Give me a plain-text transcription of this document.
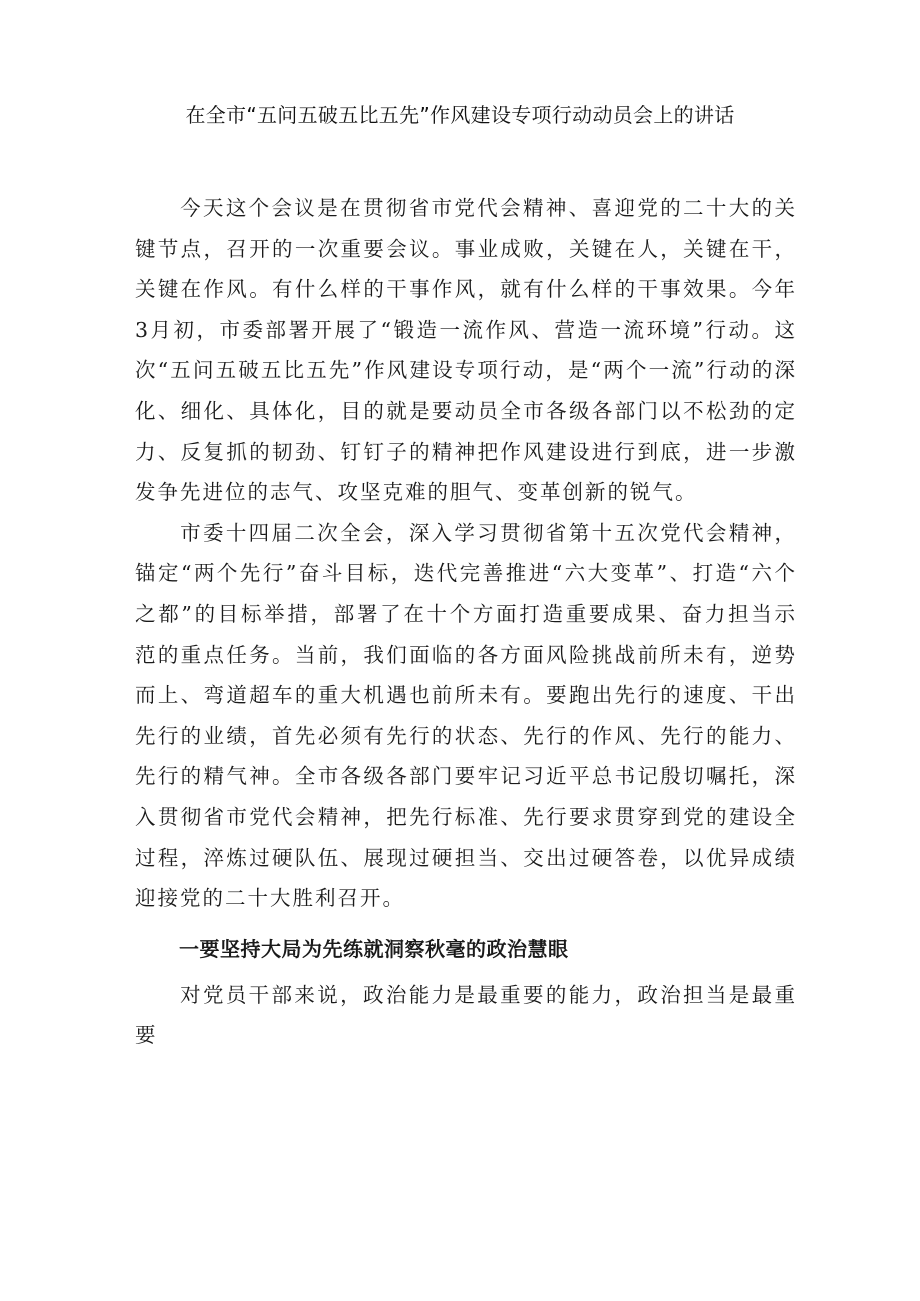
在全市“五问五破五比五先”作风建设专项行动动员会上的讲话

今天这个会议是在贯彻省市党代会精神、喜迎党的二十大的关键节点，召开的一次重要会议。事业成败，关键在人，关键在干，关键在作风。有什么样的干事作风，就有什么样的干事效果。今年3月初，市委部署开展了“锻造一流作风、营造一流环境”行动。这次“五问五破五比五先”作风建设专项行动，是“两个一流”行动的深化、细化、具体化，目的就是要动员全市各级各部门以不松劲的定力、反复抓的韧劲、钉钉子的精神把作风建设进行到底，进一步激发争先进位的志气、攻坚克难的胆气、变革创新的锐气。

市委十四届二次全会，深入学习贯彻省第十五次党代会精神，锚定“两个先行”奋斗目标，迭代完善推进“六大变革”、打造“六个之都”的目标举措，部署了在十个方面打造重要成果、奋力担当示范的重点任务。当前，我们面临的各方面风险挑战前所未有，逆势而上、弯道超车的重大机遇也前所未有。要跑出先行的速度、干出先行的业绩，首先必须有先行的状态、先行的作风、先行的能力、先行的精气神。全市各级各部门要牢记习近平总书记殷切嘱托，深入贯彻省市党代会精神，把先行标准、先行要求贯穿到党的建设全过程，淬炼过硬队伍、展现过硬担当、交出过硬答卷，以优异成绩迎接党的二十大胜利召开。

一要坚持大局为先练就洞察秋毫的政治慧眼

对党员干部来说，政治能力是最重要的能力，政治担当是最重要
